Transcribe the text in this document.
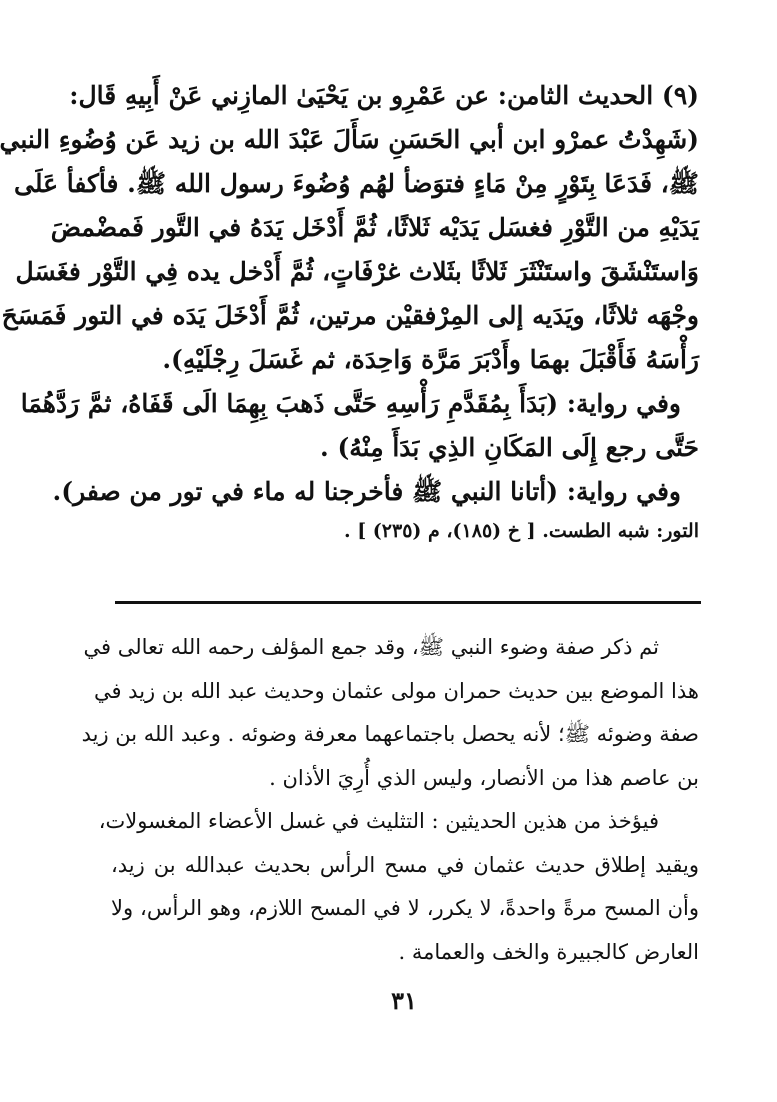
(٩) الحديث الثامن: عن عَمْرِو بن يَحْيَىٰ المازِني عَنْ أَبِيهِ قَال:
(شَهِدْتُ عمرْو ابن أبي الحَسَنِ سَأَلَ عَبْدَ الله بن زيد عَن وُضُوءِ النبي
ﷺ، فَدَعَا بِتَوْرٍ مِنْ مَاءٍ فتوَضأ لهُم وُضُوءَ رسول الله ﷺ. فأكفأ عَلَى
يَدَيْهِ من التَّوْرِ فغسَل يَدَيْه ثَلاثًا، ثُمَّ أَدْخَل يَدَهُ في التَّور فَمضْمضَ
وَاستَنْشَقَ واستَنْثَرَ ثَلاثًا بثَلاث غرْفَاتٍ، ثُمَّ أَدْخل يده فِي التَّوْر فغَسَل
وجْهَه ثلاثًا، ويَدَيه إلى المِرْفقيْن مرتين، ثُمَّ أَدْخَلَ يَدَه في التور فَمَسَحَ
رَأْسَهُ فَأَقْبَلَ بهمَا وأَدْبَرَ مَرَّة وَاحِدَة، ثم غَسَلَ رِجْلَيْهِ).
وفي رواية: (بَدَأَ بِمُقَدَّمِ رَأْسِهِ حَتَّى ذَهبَ بِهِمَا الَى قَفَاهُ، ثمَّ رَدَّهُمَا
حَتَّى رجع إِلَى المَكَانِ الذِي بَدَأَ مِنْهُ) .
وفي رواية: (أتانا النبي ﷺ فأخرجنا له ماء في تور من صفر).
التور: شبه الطست. [ خ (١٨٥)، م (٢٣٥) ] .
ثم ذكر صفة وضوء النبي ﷺ، وقد جمع المؤلف رحمه الله تعالى في
هذا الموضع بين حديث حمران مولى عثمان وحديث عبد الله بن زيد في
صفة وضوئه ﷺ؛ لأنه يحصل باجتماعهما معرفة وضوئه . وعبد الله بن زيد
بن عاصم هذا من الأنصار، وليس الذي أُرِيَ الأذان .
فيؤخذ من هذين الحديثين : التثليث في غسل الأعضاء المغسولات،
ويقيد إطلاق حديث عثمان في مسح الرأس بحديث عبدالله بن زيد،
وأن المسح مرةً واحدةً، لا يكرر، لا في المسح اللازم، وهو الرأس، ولا
العارض كالجبيرة والخف والعمامة .
٣١
